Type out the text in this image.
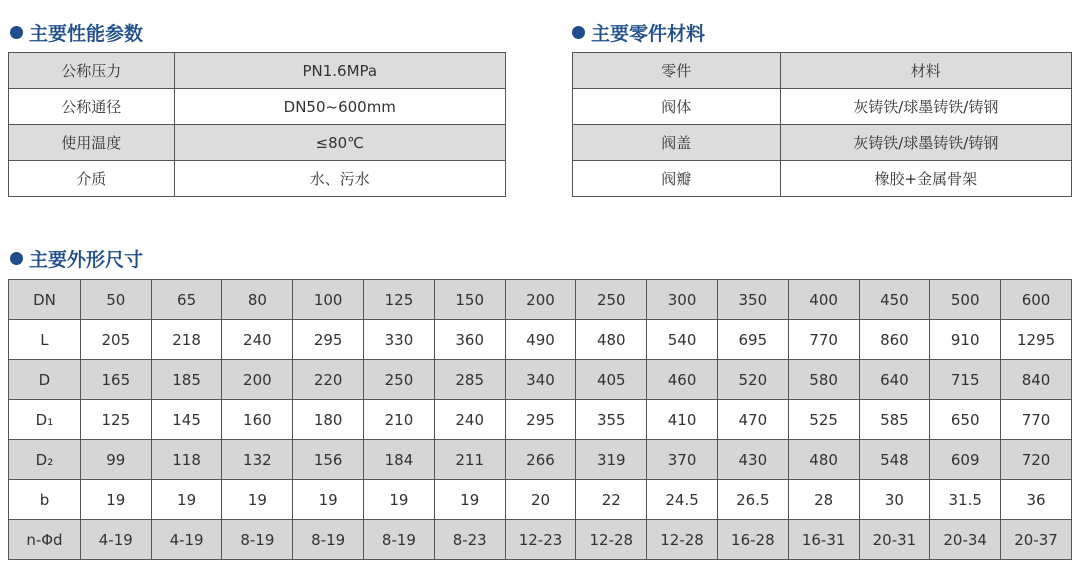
主要性能参数
公称压力	PN1.6MPa
公称通径	DN50~600mm
使用温度	≤80℃
介质	水、污水
主要零件材料
零件	材料
阀体	灰铸铁/球墨铸铁/铸钢
阀盖	灰铸铁/球墨铸铁/铸钢
阀瓣	橡胶+金属骨架
主要外形尺寸
DN	50	65	80	100	125	150	200	250	300	350	400	450	500	600
L	205	218	240	295	330	360	490	480	540	695	770	860	910	1295
D	165	185	200	220	250	285	340	405	460	520	580	640	715	840
D₁	125	145	160	180	210	240	295	355	410	470	525	585	650	770
D₂	99	118	132	156	184	211	266	319	370	430	480	548	609	720
b	19	19	19	19	19	19	20	22	24.5	26.5	28	30	31.5	36
n-Φd	4-19	4-19	8-19	8-19	8-19	8-23	12-23	12-28	12-28	16-28	16-31	20-31	20-34	20-37
